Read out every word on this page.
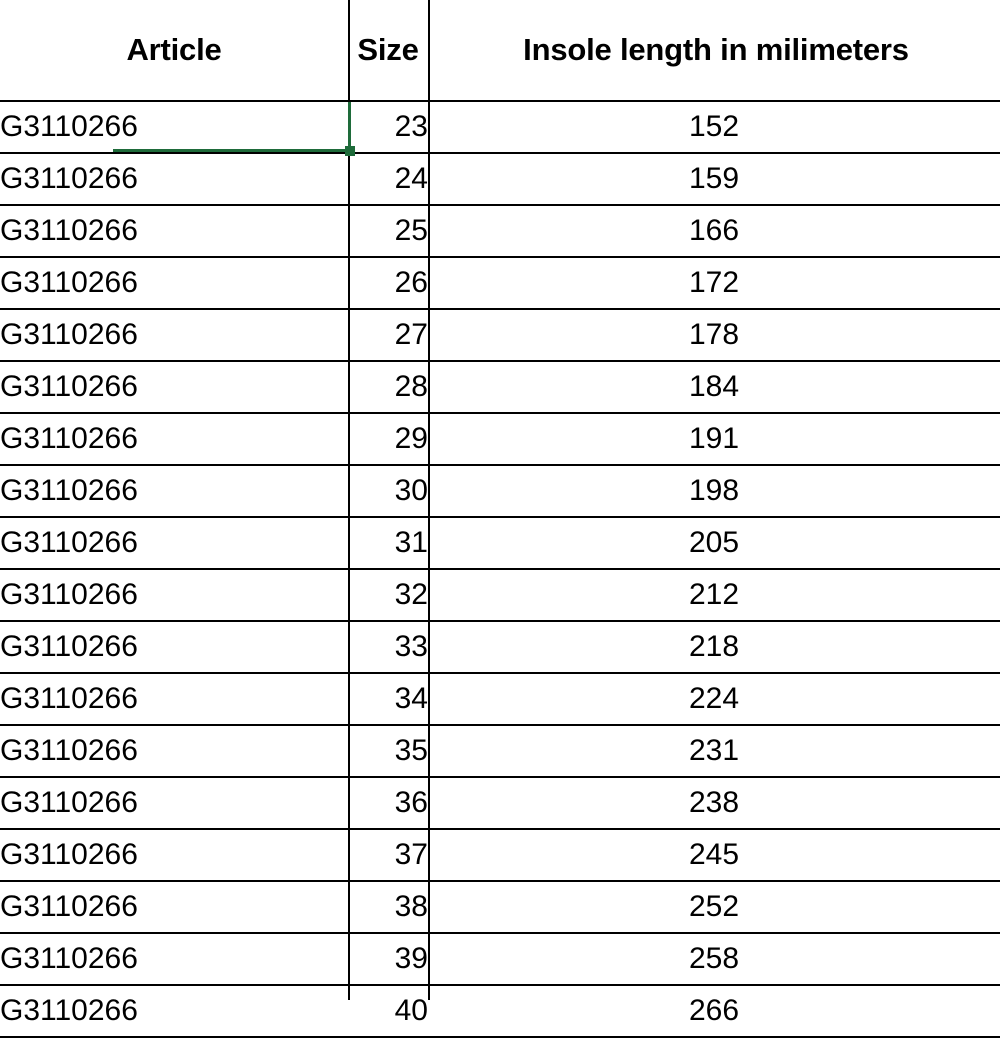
Article	Size	Insole length in milimeters
G3110266	23	152
G3110266	24	159
G3110266	25	166
G3110266	26	172
G3110266	27	178
G3110266	28	184
G3110266	29	191
G3110266	30	198
G3110266	31	205
G3110266	32	212
G3110266	33	218
G3110266	34	224
G3110266	35	231
G3110266	36	238
G3110266	37	245
G3110266	38	252
G3110266	39	258
G3110266	40	266
